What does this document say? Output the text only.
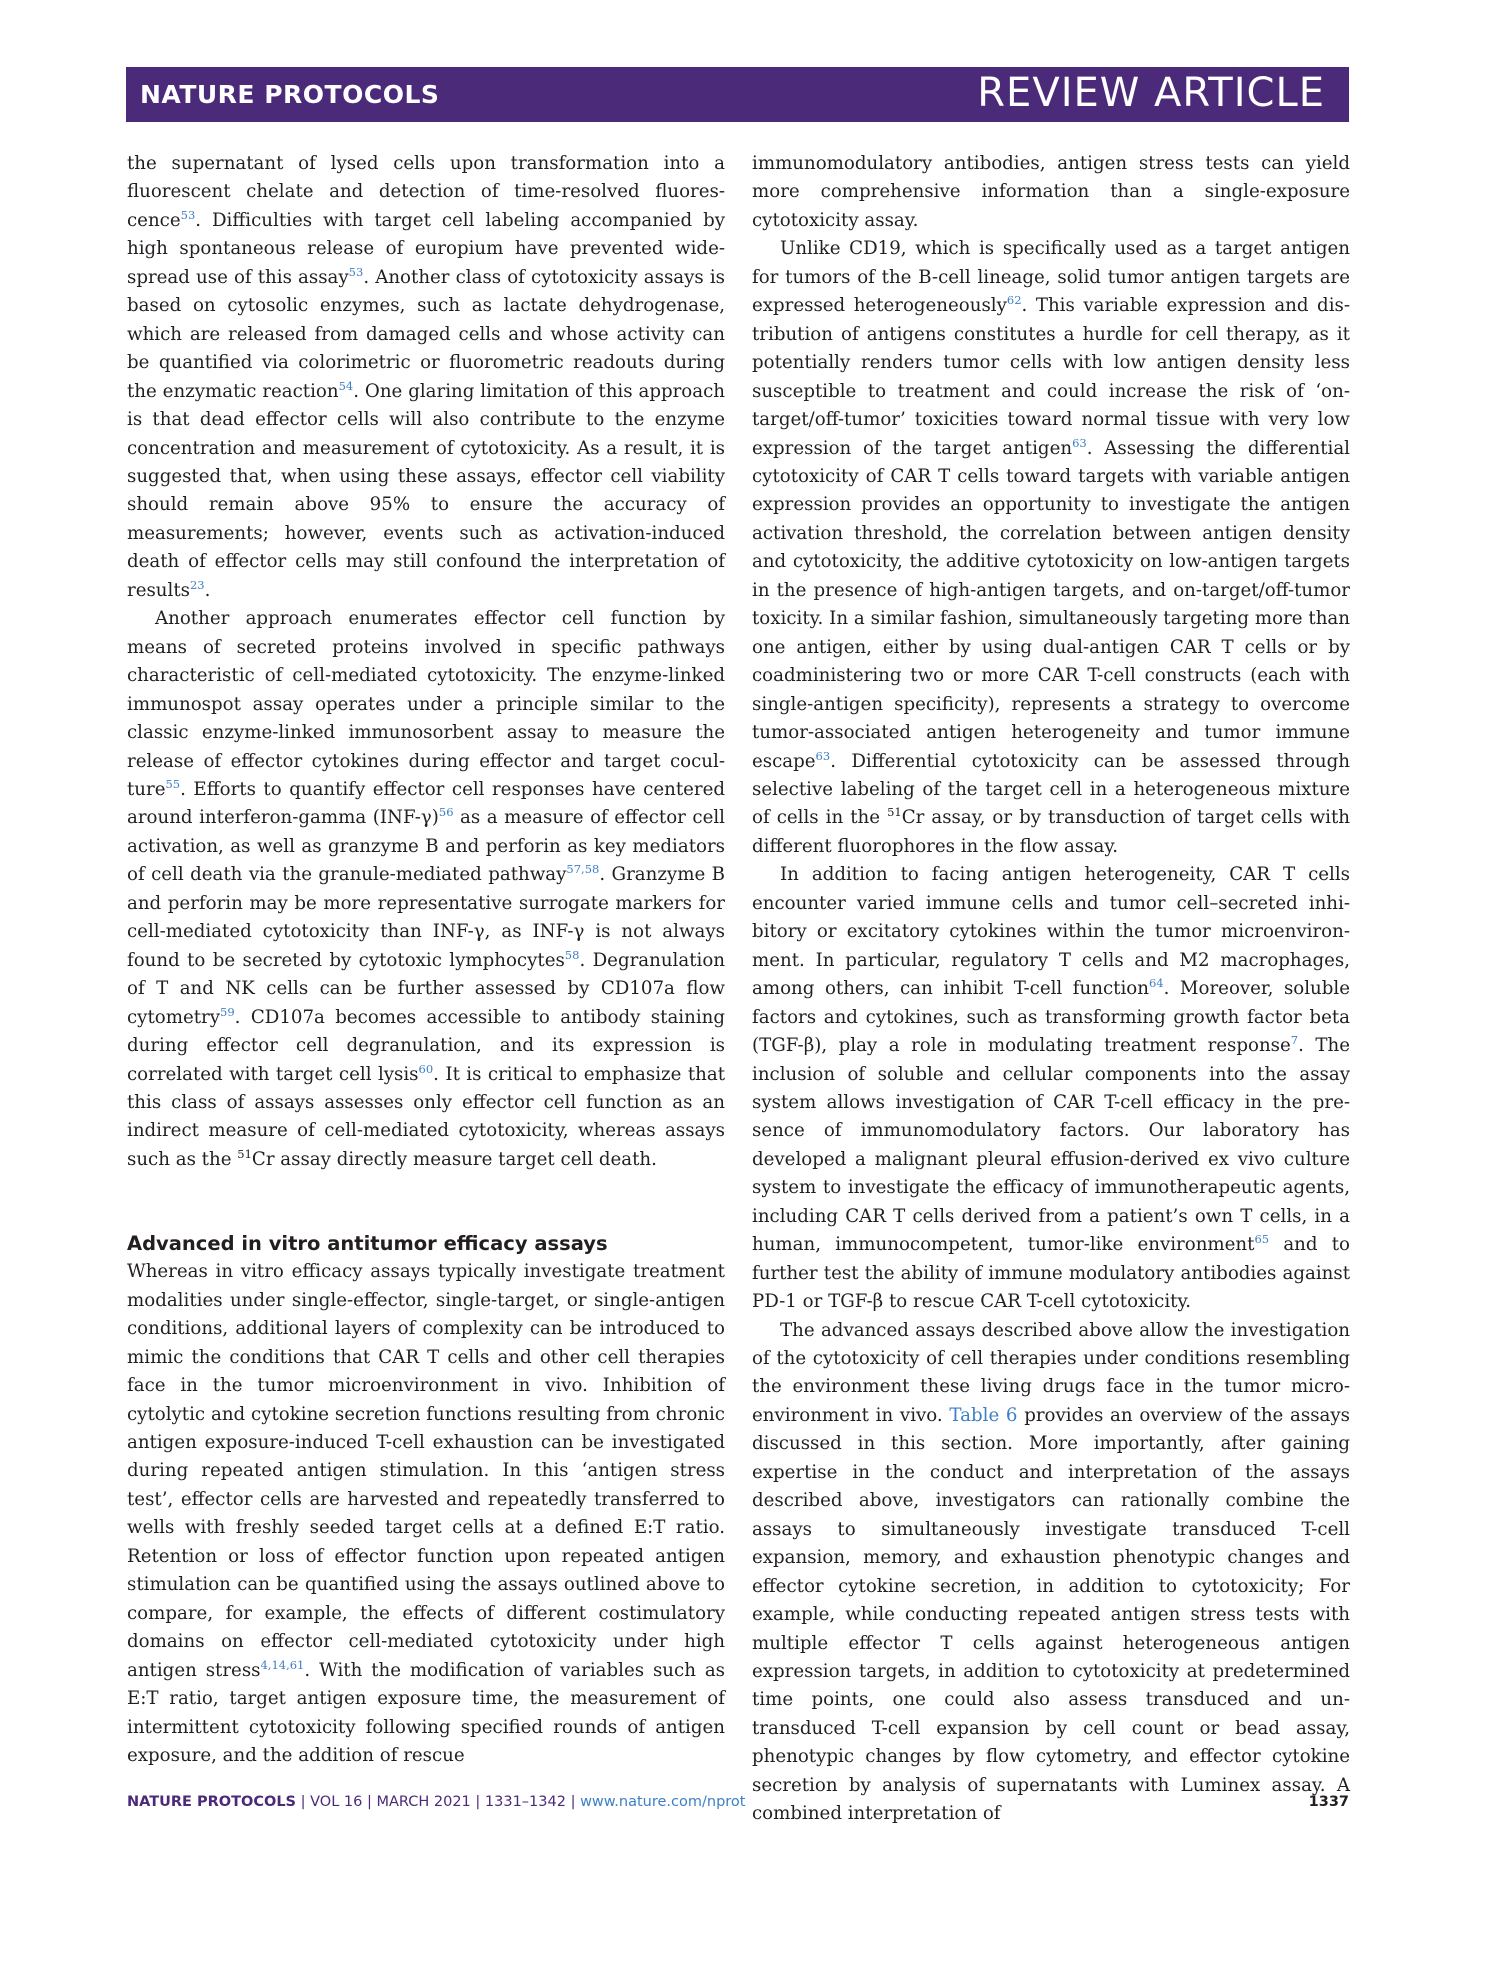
NATURE PROTOCOLS	REVIEW ARTICLE

the supernatant of lysed cells upon transformation into a fluorescent chelate and detection of time-resolved fluorescence$^{53}$. Difficulties with target cell labeling accompanied by high spontaneous release of europium have prevented widespread use of this assay$^{53}$. Another class of cytotoxicity assays is based on cytosolic enzymes, such as lactate dehydrogenase, which are released from damaged cells and whose activity can be quantified via colorimetric or fluorometric readouts during the enzymatic reaction$^{54}$. One glaring limitation of this approach is that dead effector cells will also contribute to the enzyme concentration and measurement of cytotoxicity. As a result, it is suggested that, when using these assays, effector cell viability should remain above 95% to ensure the accuracy of measurements; however, events such as activation-induced death of effector cells may still confound the interpretation of results$^{23}$.

Another approach enumerates effector cell function by means of secreted proteins involved in specific pathways characteristic of cell-mediated cytotoxicity. The enzyme-linked immunospot assay operates under a principle similar to the classic enzyme-linked immunosorbent assay to measure the release of effector cytokines during effector and target coculture$^{55}$. Efforts to quantify effector cell responses have centered around interferon-gamma (INF-γ)$^{56}$ as a measure of effector cell activation, as well as granzyme B and perforin as key mediators of cell death via the granule-mediated pathway$^{57,58}$. Granzyme B and perforin may be more representative surrogate markers for cell-mediated cytotoxicity than INF-γ, as INF-γ is not always found to be secreted by cytotoxic lymphocytes$^{58}$. Degranulation of T and NK cells can be further assessed by CD107a flow cytometry$^{59}$. CD107a becomes accessible to antibody staining during effector cell degranulation, and its expression is correlated with target cell lysis$^{60}$. It is critical to emphasize that this class of assays assesses only effector cell function as an indirect measure of cell-mediated cytotoxicity, whereas assays such as the $^{51}$Cr assay directly measure target cell death.

Advanced in vitro antitumor efficacy assays

Whereas in vitro efficacy assays typically investigate treatment modalities under single-effector, single-target, or single-antigen conditions, additional layers of complexity can be introduced to mimic the conditions that CAR T cells and other cell therapies face in the tumor microenvironment in vivo. Inhibition of cytolytic and cytokine secretion functions resulting from chronic antigen exposure-induced T-cell exhaustion can be investigated during repeated antigen stimulation. In this ‘antigen stress test’, effector cells are harvested and repeatedly transferred to wells with freshly seeded target cells at a defined E:T ratio. Retention or loss of effector function upon repeated antigen stimulation can be quantified using the assays outlined above to compare, for example, the effects of different costimulatory domains on effector cell-mediated cytotoxicity under high antigen stress$^{4,14,61}$. With the modification of variables such as E:T ratio, target antigen exposure time, the measurement of intermittent cytotoxicity following specified rounds of antigen exposure, and the addition of rescue

immunomodulatory antibodies, antigen stress tests can yield more comprehensive information than a single-exposure cytotoxicity assay.

Unlike CD19, which is specifically used as a target antigen for tumors of the B-cell lineage, solid tumor antigen targets are expressed heterogeneously$^{62}$. This variable expression and distribution of antigens constitutes a hurdle for cell therapy, as it potentially renders tumor cells with low antigen density less susceptible to treatment and could increase the risk of ‘on-target/off-tumor’ toxicities toward normal tissue with very low expression of the target antigen$^{63}$. Assessing the differential cytotoxicity of CAR T cells toward targets with variable antigen expression provides an opportunity to investigate the antigen activation threshold, the correlation between antigen density and cytotoxicity, the additive cytotoxicity on low-antigen targets in the presence of high-antigen targets, and on-target/off-tumor toxicity. In a similar fashion, simultaneously targeting more than one antigen, either by using dual-antigen CAR T cells or by coadministering two or more CAR T-cell constructs (each with single-antigen specificity), represents a strategy to overcome tumor-associated antigen heterogeneity and tumor immune escape$^{63}$. Differential cytotoxicity can be assessed through selective labeling of the target cell in a heterogeneous mixture of cells in the $^{51}$Cr assay, or by transduction of target cells with different fluorophores in the flow assay.

In addition to facing antigen heterogeneity, CAR T cells encounter varied immune cells and tumor cell–secreted inhibitory or excitatory cytokines within the tumor microenvironment. In particular, regulatory T cells and M2 macrophages, among others, can inhibit T-cell function$^{64}$. Moreover, soluble factors and cytokines, such as transforming growth factor beta (TGF-β), play a role in modulating treatment response$^7$. The inclusion of soluble and cellular components into the assay system allows investigation of CAR T-cell efficacy in the presence of immunomodulatory factors. Our laboratory has developed a malignant pleural effusion-derived ex vivo culture system to investigate the efficacy of immunotherapeutic agents, including CAR T cells derived from a patient’s own T cells, in a human, immunocompetent, tumor-like environment$^{65}$ and to further test the ability of immune modulatory antibodies against PD-1 or TGF-β to rescue CAR T-cell cytotoxicity.

The advanced assays described above allow the investigation of the cytotoxicity of cell therapies under conditions resembling the environment these living drugs face in the tumor microenvironment in vivo. Table 6 provides an overview of the assays discussed in this section. More importantly, after gaining expertise in the conduct and interpretation of the assays described above, investigators can rationally combine the assays to simultaneously investigate transduced T-cell expansion, memory, and exhaustion phenotypic changes and effector cytokine secretion, in addition to cytotoxicity; For example, while conducting repeated antigen stress tests with multiple effector T cells against heterogeneous antigen expression targets, in addition to cytotoxicity at predetermined time points, one could also assess transduced and un-transduced T-cell expansion by cell count or bead assay, phenotypic changes by flow cytometry, and effector cytokine secretion by analysis of supernatants with Luminex assay. A combined interpretation of

NATURE PROTOCOLS | VOL 16 | MARCH 2021 | 1331–1342 | www.nature.com/nprot	1337
